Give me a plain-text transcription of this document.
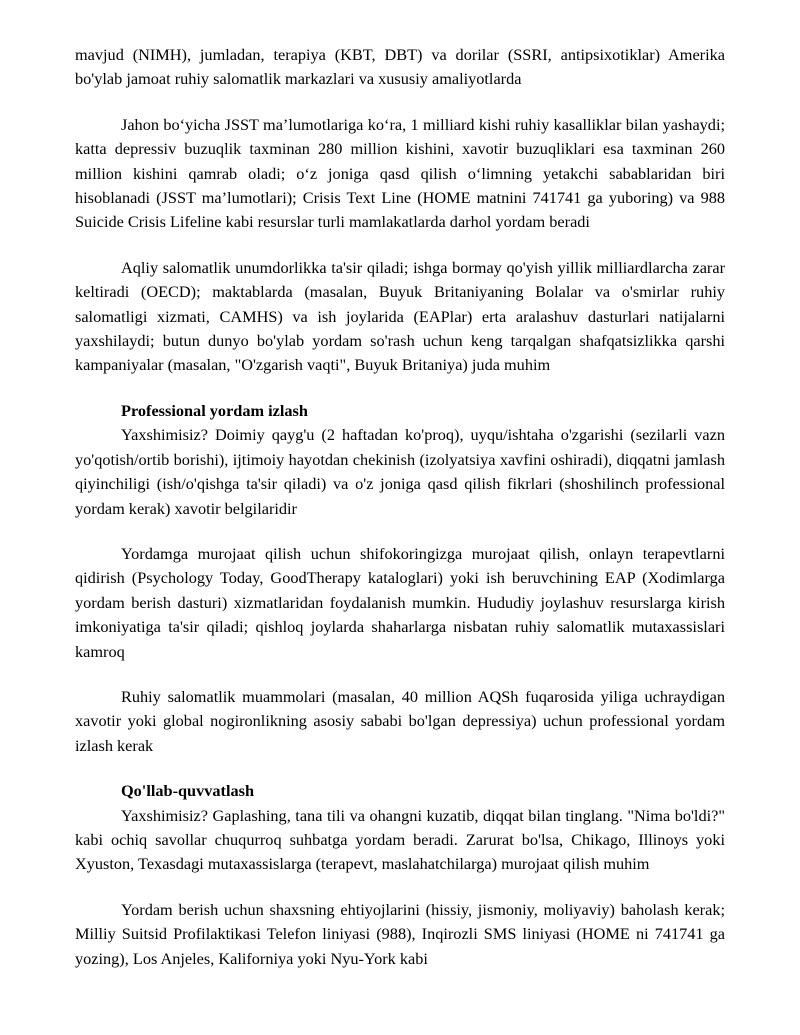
mavjud (NIMH), jumladan, terapiya (KBT, DBT) va dorilar (SSRI, antipsixotiklar) Amerika bo'ylab jamoat ruhiy salomatlik markazlari va xususiy amaliyotlarda

Jahon boʻyicha JSST maʼlumotlariga koʻra, 1 milliard kishi ruhiy kasalliklar bilan yashaydi; katta depressiv buzuqlik taxminan 280 million kishini, xavotir buzuqliklari esa taxminan 260 million kishini qamrab oladi; oʻz joniga qasd qilish oʻlimning yetakchi sabablaridan biri hisoblanadi (JSST maʼlumotlari); Crisis Text Line (HOME matnini 741741 ga yuboring) va 988 Suicide Crisis Lifeline kabi resurslar turli mamlakatlarda darhol yordam beradi

Aqliy salomatlik unumdorlikka ta'sir qiladi; ishga bormay qo'yish yillik milliardlarcha zarar keltiradi (OECD); maktablarda (masalan, Buyuk Britaniyaning Bolalar va o'smirlar ruhiy salomatligi xizmati, CAMHS) va ish joylarida (EAPlar) erta aralashuv dasturlari natijalarni yaxshilaydi; butun dunyo bo'ylab yordam so'rash uchun keng tarqalgan shafqatsizlikka qarshi kampaniyalar (masalan, "O'zgarish vaqti", Buyuk Britaniya) juda muhim

Professional yordam izlash

Yaxshimisiz? Doimiy qayg'u (2 haftadan ko'proq), uyqu/ishtaha o'zgarishi (sezilarli vazn yo'qotish/ortib borishi), ijtimoiy hayotdan chekinish (izolyatsiya xavfini oshiradi), diqqatni jamlash qiyinchiligi (ish/o'qishga ta'sir qiladi) va o'z joniga qasd qilish fikrlari (shoshilinch professional yordam kerak) xavotir belgilaridir

Yordamga murojaat qilish uchun shifokoringizga murojaat qilish, onlayn terapevtlarni qidirish (Psychology Today, GoodTherapy kataloglari) yoki ish beruvchining EAP (Xodimlarga yordam berish dasturi) xizmatlaridan foydalanish mumkin. Hududiy joylashuv resurslarga kirish imkoniyatiga ta'sir qiladi; qishloq joylarda shaharlarga nisbatan ruhiy salomatlik mutaxassislari kamroq

Ruhiy salomatlik muammolari (masalan, 40 million AQSh fuqarosida yiliga uchraydigan xavotir yoki global nogironlikning asosiy sababi bo'lgan depressiya) uchun professional yordam izlash kerak

Qo'llab-quvvatlash

Yaxshimisiz? Gaplashing, tana tili va ohangni kuzatib, diqqat bilan tinglang. "Nima bo'ldi?" kabi ochiq savollar chuqurroq suhbatga yordam beradi. Zarurat bo'lsa, Chikago, Illinoys yoki Xyuston, Texasdagi mutaxassislarga (terapevt, maslahatchilarga) murojaat qilish muhim

Yordam berish uchun shaxsning ehtiyojlarini (hissiy, jismoniy, moliyaviy) baholash kerak; Milliy Suitsid Profilaktikasi Telefon liniyasi (988), Inqirozli SMS liniyasi (HOME ni 741741 ga yozing), Los Anjeles, Kaliforniya yoki Nyu-York kabi
